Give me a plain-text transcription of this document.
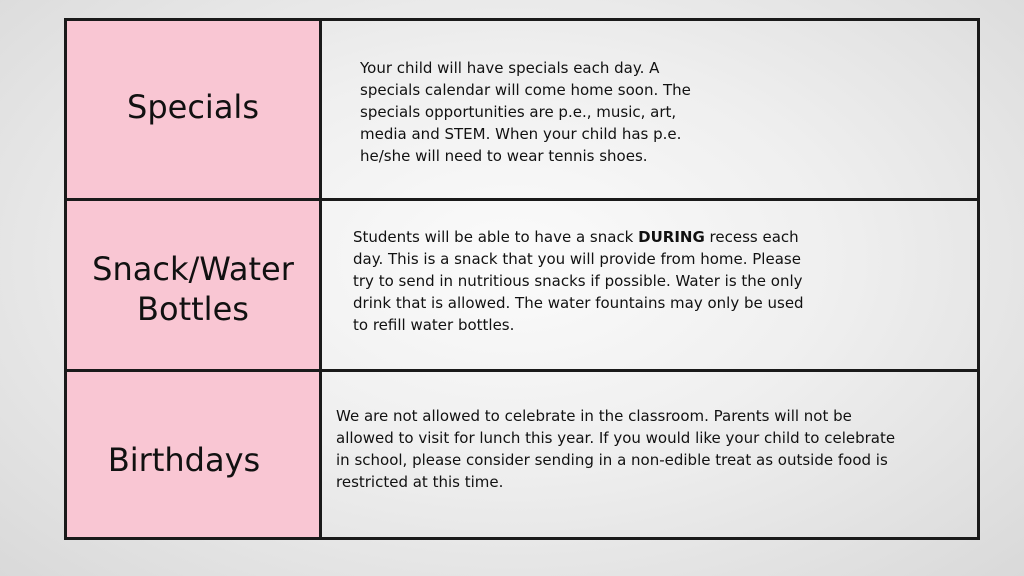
Specials
Your child will have specials each day. A specials calendar will come home soon. The specials opportunities are p.e., music, art, media and STEM. When your child has p.e. he/she will need to wear tennis shoes.
Snack/Water
Bottles
Students will be able to have a snack DURING recess each day. This is a snack that you will provide from home. Please try to send in nutritious snacks if possible. Water is the only drink that is allowed. The water fountains may only be used to refill water bottles.
Birthdays
We are not allowed to celebrate in the classroom. Parents will not be allowed to visit for lunch this year. If you would like your child to celebrate in school, please consider sending in a non-edible treat as outside food is restricted at this time.
